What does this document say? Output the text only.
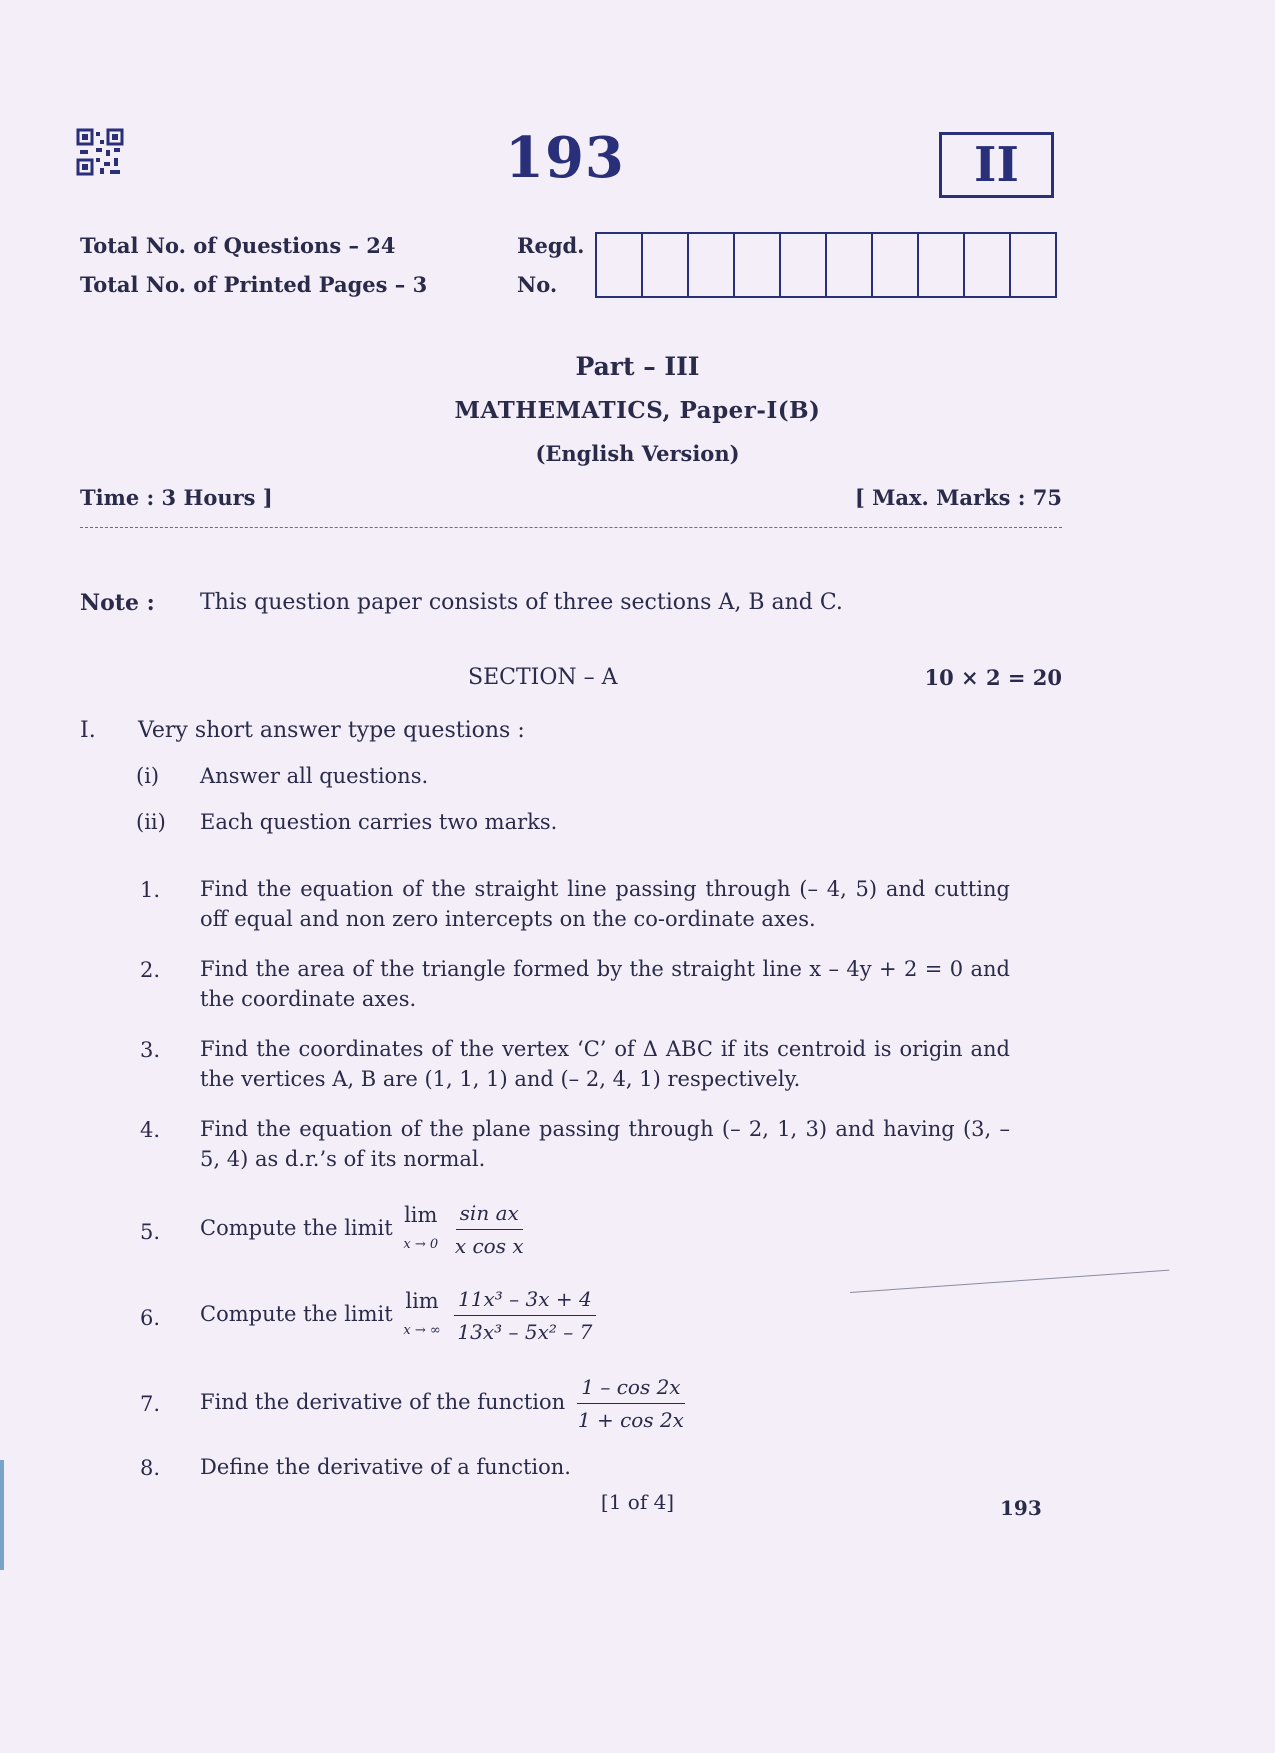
193	II
Total No. of Questions – 24
Total No. of Printed Pages – 3
Regd.
No.
Part – III
MATHEMATICS, Paper-I(B)
(English Version)
Time : 3 Hours ]	[ Max. Marks : 75
Note : This question paper consists of three sections A, B and C.
SECTION – A	10 × 2 = 20
I. Very short answer type questions :
(i) Answer all questions.
(ii) Each question carries two marks.
1.	Find the equation of the straight line passing through (– 4, 5) and cutting off equal and non zero intercepts on the co-ordinate axes.
2.	Find the area of the triangle formed by the straight line x – 4y + 2 = 0 and the coordinate axes.
3.	Find the coordinates of the vertex ‘C’ of Δ ABC if its centroid is origin and the vertices A, B are (1, 1, 1) and (– 2, 4, 1) respectively.
4.	Find the equation of the plane passing through (– 2, 1, 3) and having (3, – 5, 4) as d.r.’s of its normal.
5.	Compute the limit
lim
x → 0
$\frac{\text{sin ax}}{\text{x cos x}}$
6.	Compute the limit
lim
x → ∞
$\frac{\text{11x³ – 3x + 4}}{\text{13x³ – 5x² – 7}}$
7.	Find the derivative of the function $\frac{1 - \cos 2x}{1 + \cos 2x}$
8.	Define the derivative of a function.
[1 of 4]	193
